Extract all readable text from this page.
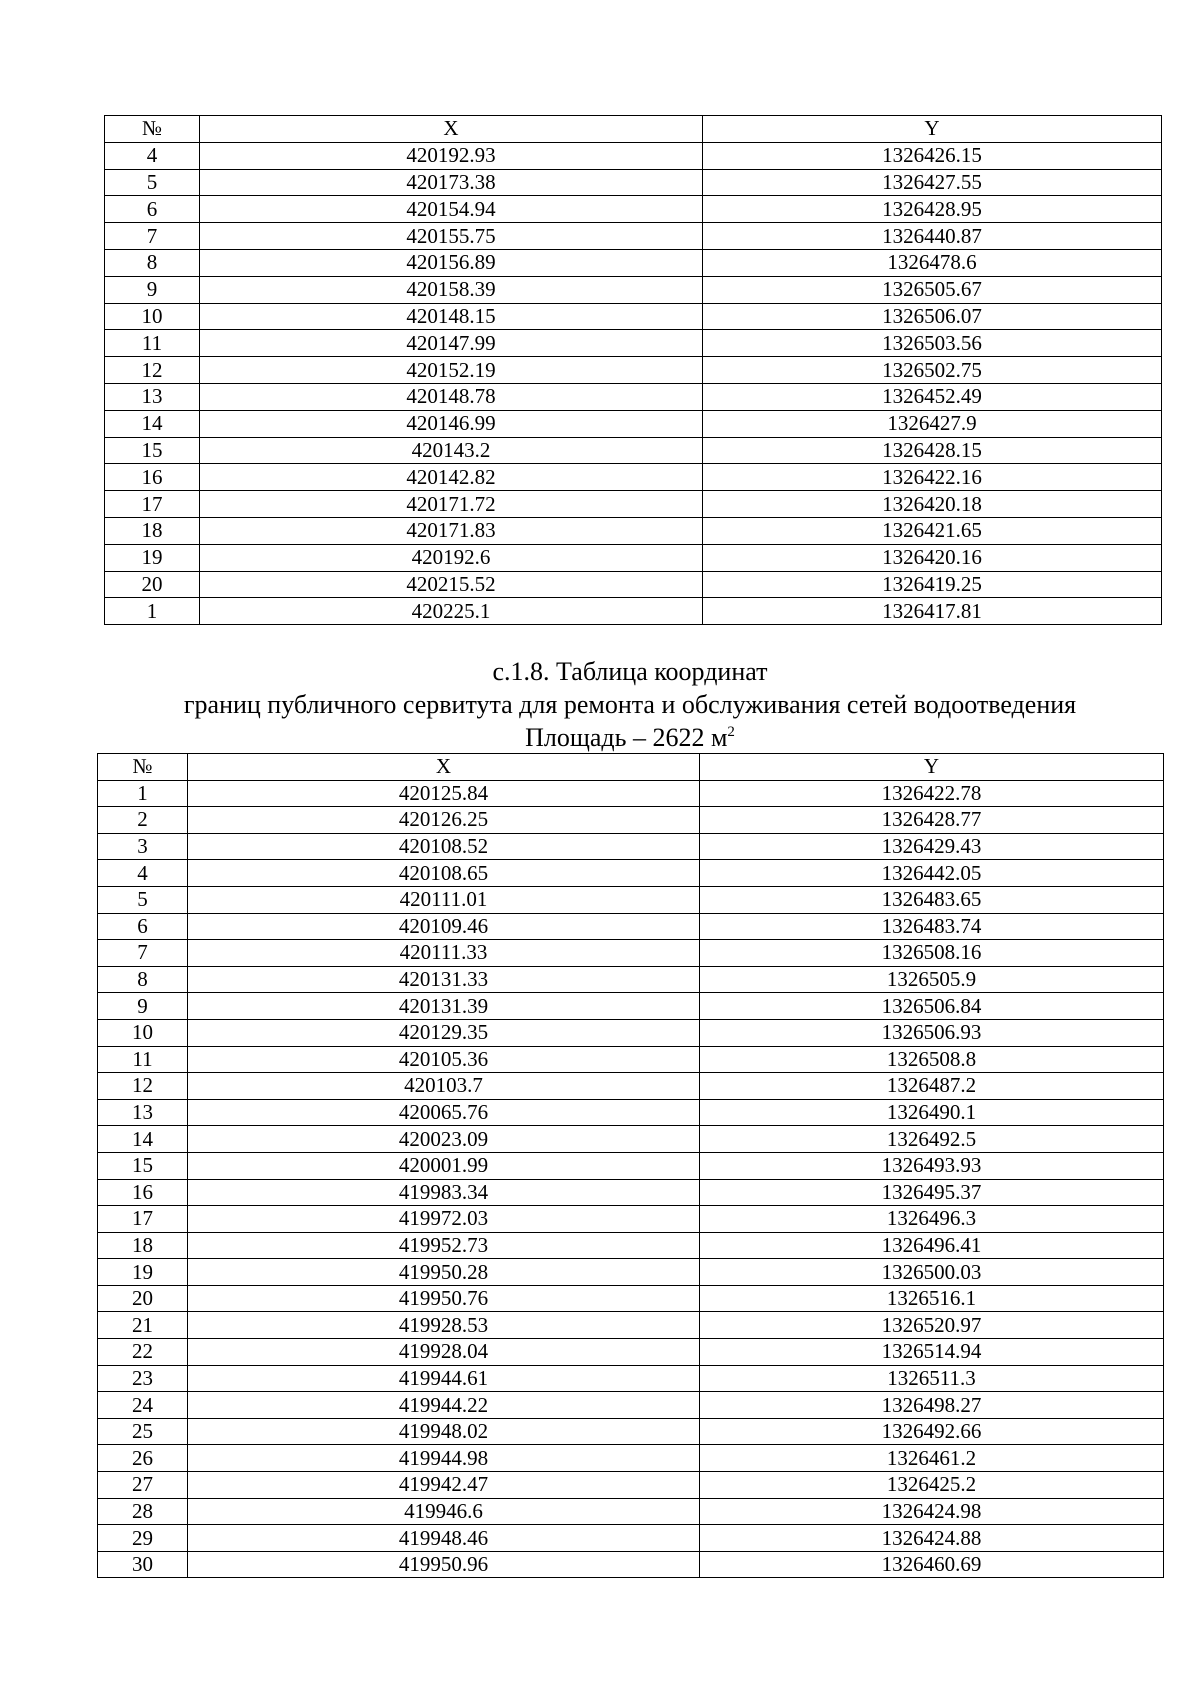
№	X	Y
4	420192.93	1326426.15
5	420173.38	1326427.55
6	420154.94	1326428.95
7	420155.75	1326440.87
8	420156.89	1326478.6
9	420158.39	1326505.67
10	420148.15	1326506.07
11	420147.99	1326503.56
12	420152.19	1326502.75
13	420148.78	1326452.49
14	420146.99	1326427.9
15	420143.2	1326428.15
16	420142.82	1326422.16
17	420171.72	1326420.18
18	420171.83	1326421.65
19	420192.6	1326420.16
20	420215.52	1326419.25
1	420225.1	1326417.81
с.1.8. Таблица координат
границ публичного сервитута для ремонта и обслуживания сетей водоотведения
Площадь – 2622 $м^2$
№	X	Y
1	420125.84	1326422.78
2	420126.25	1326428.77
3	420108.52	1326429.43
4	420108.65	1326442.05
5	420111.01	1326483.65
6	420109.46	1326483.74
7	420111.33	1326508.16
8	420131.33	1326505.9
9	420131.39	1326506.84
10	420129.35	1326506.93
11	420105.36	1326508.8
12	420103.7	1326487.2
13	420065.76	1326490.1
14	420023.09	1326492.5
15	420001.99	1326493.93
16	419983.34	1326495.37
17	419972.03	1326496.3
18	419952.73	1326496.41
19	419950.28	1326500.03
20	419950.76	1326516.1
21	419928.53	1326520.97
22	419928.04	1326514.94
23	419944.61	1326511.3
24	419944.22	1326498.27
25	419948.02	1326492.66
26	419944.98	1326461.2
27	419942.47	1326425.2
28	419946.6	1326424.98
29	419948.46	1326424.88
30	419950.96	1326460.69
